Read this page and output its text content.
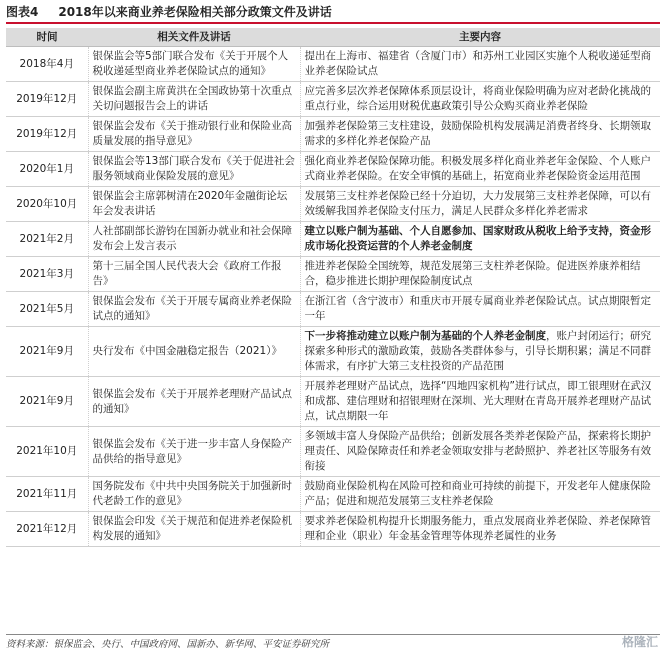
图表4 2018年以来商业养老保险相关部分政策文件及讲话
时间	相关文件及讲话	主要内容
2018年4月	银保监会等5部门联合发布《关于开展个人税收递延型商业养老保险试点的通知》	提出在上海市、福建省（含厦门市）和苏州工业园区实施个人税收递延型商业养老保险试点
2019年12月	银保监会副主席黄洪在全国政协第十次重点关切问题报告会上的讲话	应完善多层次养老保障体系顶层设计，将商业保险明确为应对老龄化挑战的重点行业，综合运用财税优惠政策引导公众购买商业养老保险
2019年12月	银保监会发布《关于推动银行业和保险业高质量发展的指导意见》	加强养老保险第三支柱建设，鼓励保险机构发展满足消费者终身、长期领取需求的多样化养老保险产品
2020年1月	银保监会等13部门联合发布《关于促进社会服务领域商业保险发展的意见》	强化商业养老保险保障功能。积极发展多样化商业养老年金保险、个人账户式商业养老保险。在安全审慎的基础上，拓宽商业养老保险资金运用范围
2020年10月	银保监会主席郭树清在2020年金融街论坛年会发表讲话	发展第三支柱养老保险已经十分迫切，大力发展第三支柱养老保障，可以有效缓解我国养老保险支付压力，满足人民群众多样化养老需求
2021年2月	人社部副部长游钧在国新办就业和社会保障发布会上发言表示	建立以账户制为基础、个人自愿参加、国家财政从税收上给予支持，资金形成市场化投资运营的个人养老金制度
2021年3月	第十三届全国人民代表大会《政府工作报告》	推进养老保险全国统筹，规范发展第三支柱养老保险。促进医养康养相结合，稳步推进长期护理保险制度试点
2021年5月	银保监会发布《关于开展专属商业养老保险试点的通知》	在浙江省（含宁波市）和重庆市开展专属商业养老保险试点。试点期限暂定一年
2021年9月	央行发布《中国金融稳定报告（2021）》	下一步将推动建立以账户制为基础的个人养老金制度，账户封闭运行；研究探索多种形式的激励政策，鼓励各类群体参与，引导长期积累；满足不同群体需求，有序扩大第三支柱投资的产品范围
2021年9月	银保监会发布《关于开展养老理财产品试点的通知》	开展养老理财产品试点，选择“四地四家机构”进行试点，即工银理财在武汉和成都、建信理财和招银理财在深圳、光大理财在青岛开展养老理财产品试点，试点期限一年
2021年10月	银保监会发布《关于进一步丰富人身保险产品供给的指导意见》	多领域丰富人身保险产品供给；创新发展各类养老保险产品，探索将长期护理责任、风险保障责任和养老金领取安排与老龄照护、养老社区等服务有效衔接
2021年11月	国务院发布《中共中央国务院关于加强新时代老龄工作的意见》	鼓励商业保险机构在风险可控和商业可持续的前提下，开发老年人健康保险产品；促进和规范发展第三支柱养老保险
2021年12月	银保监会印发《关于规范和促进养老保险机构发展的通知》	要求养老保险机构提升长期服务能力，重点发展商业养老保险、养老保障管理和企业（职业）年金基金管理等体现养老属性的业务
资料来源：银保监会、央行、中国政府网、国新办、新华网、平安证券研究所	格隆汇
